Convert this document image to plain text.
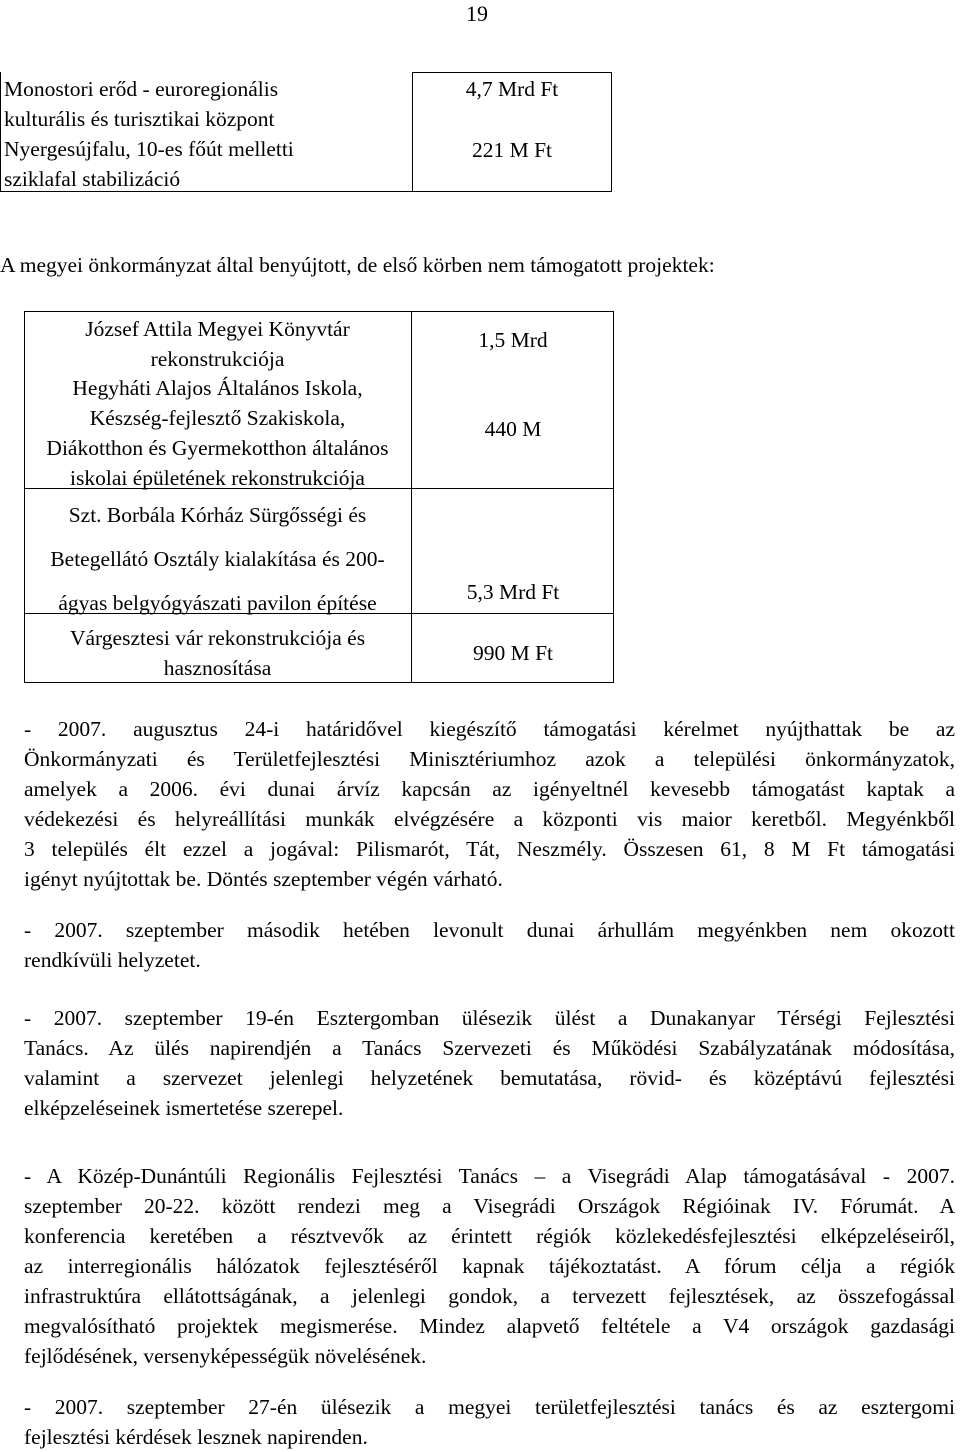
19
Monostori erőd - euroregionális
kulturális és turisztikai központ
4,7 Mrd Ft
Nyergesújfalu, 10-es főút melletti
sziklafal stabilizáció
221 M Ft
A megyei önkormányzat által benyújtott, de első körben nem támogatott projektek:
József Attila Megyei Könyvtár
rekonstrukciója
1,5 Mrd
Hegyháti Alajos Általános Iskola,
Készség-fejlesztő Szakiskola,
Diákotthon és Gyermekotthon általános
iskolai épületének rekonstrukciója
440 M
Szt. Borbála Kórház Sürgősségi és
Betegellátó Osztály kialakítása és 200-
ágyas belgyógyászati pavilon építése	5,3 Mrd Ft
Várgesztesi vár rekonstrukciója és
hasznosítása
990 M Ft
- 2007. augusztus 24-i határidővel kiegészítő támogatási kérelmet nyújthattak be az
Önkormányzati és Területfejlesztési Minisztériumhoz azok a települési önkormányzatok,
amelyek a 2006. évi dunai árvíz kapcsán az igényeltnél kevesebb támogatást kaptak a
védekezési és helyreállítási munkák elvégzésére a központi vis maior keretből. Megyénkből
3 település élt ezzel a jogával: Pilismarót, Tát, Neszmély. Összesen 61, 8 M Ft támogatási
igényt nyújtottak be. Döntés szeptember végén várható.
- 2007. szeptember második hetében levonult dunai árhullám megyénkben nem okozott
rendkívüli helyzetet.
- 2007. szeptember 19-én Esztergomban ülésezik ülést a Dunakanyar Térségi Fejlesztési
Tanács. Az ülés napirendjén a Tanács Szervezeti és Működési Szabályzatának módosítása,
valamint a szervezet jelenlegi helyzetének bemutatása, rövid- és középtávú fejlesztési
elképzeléseinek ismertetése szerepel.
- A Közép-Dunántúli Regionális Fejlesztési Tanács – a Visegrádi Alap támogatásával - 2007.
szeptember 20-22. között rendezi meg a Visegrádi Országok Régióinak IV. Fórumát. A
konferencia keretében a résztvevők az érintett régiók közlekedésfejlesztési elképzeléseiről,
az interregionális hálózatok fejlesztéséről kapnak tájékoztatást. A fórum célja a régiók
infrastruktúra ellátottságának, a jelenlegi gondok, a tervezett fejlesztések, az összefogással
megvalósítható projektek megismerése. Mindez alapvető feltétele a V4 országok gazdasági
fejlődésének, versenyképességük növelésének.
- 2007. szeptember 27-én ülésezik a megyei területfejlesztési tanács és az esztergomi
fejlesztési kérdések lesznek napirenden.
